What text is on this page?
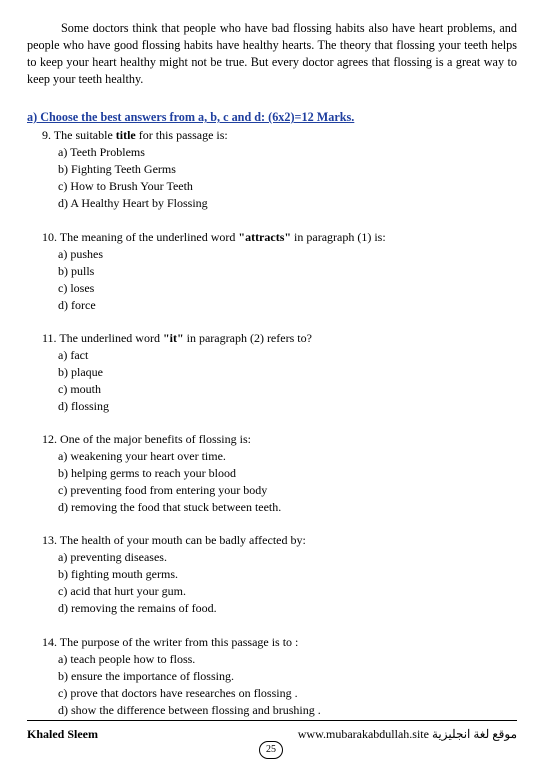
Some doctors think that people who have bad flossing habits also have heart problems, and people who have good flossing habits have healthy hearts. The theory that flossing your teeth helps to keep your heart healthy might not be true. But every doctor agrees that flossing is a great way to keep your teeth healthy.

a) Choose the best answers from a, b, c and d: (6x2)=12 Marks.

9. The suitable title for this passage is:

a) Teeth Problems
b) Fighting Teeth Germs
c) How to Brush Your Teeth
d) A Healthy Heart by Flossing

10. The meaning of the underlined word "attracts" in paragraph (1) is:

a) pushes
b) pulls
c) loses
d) force

11. The underlined word "it" in paragraph (2) refers to?

a) fact
b) plaque
c) mouth
d) flossing

12. One of the major benefits of flossing is:

a) weakening your heart over time.
b) helping germs to reach your blood
c) preventing food from entering your body
d) removing the food that stuck between teeth.

13. The health of your mouth can be badly affected by:

a) preventing diseases.
b) fighting mouth germs.
c) acid that hurt your gum.
d) removing the remains of food.

14. The purpose of the writer from this passage is to :

a) teach people how to floss.
b) ensure the importance of flossing.
c) prove that doctors have researches on flossing .
d) show the difference between flossing and brushing .
Khaled Sleem	www.mubarakabdullah.site موقع لغة انجليزية
25
